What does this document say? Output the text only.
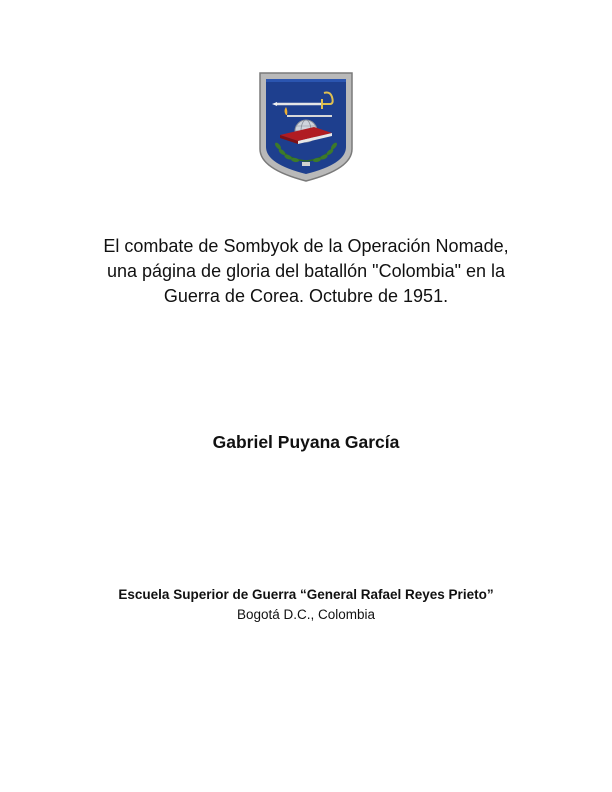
El combate de Sombyok de la Operación Nomade,
una página de gloria del batallón "Colombia" en la
Guerra de Corea. Octubre de 1951.
Gabriel Puyana García
Escuela Superior de Guerra “General Rafael Reyes Prieto”
Bogotá D.C., Colombia
